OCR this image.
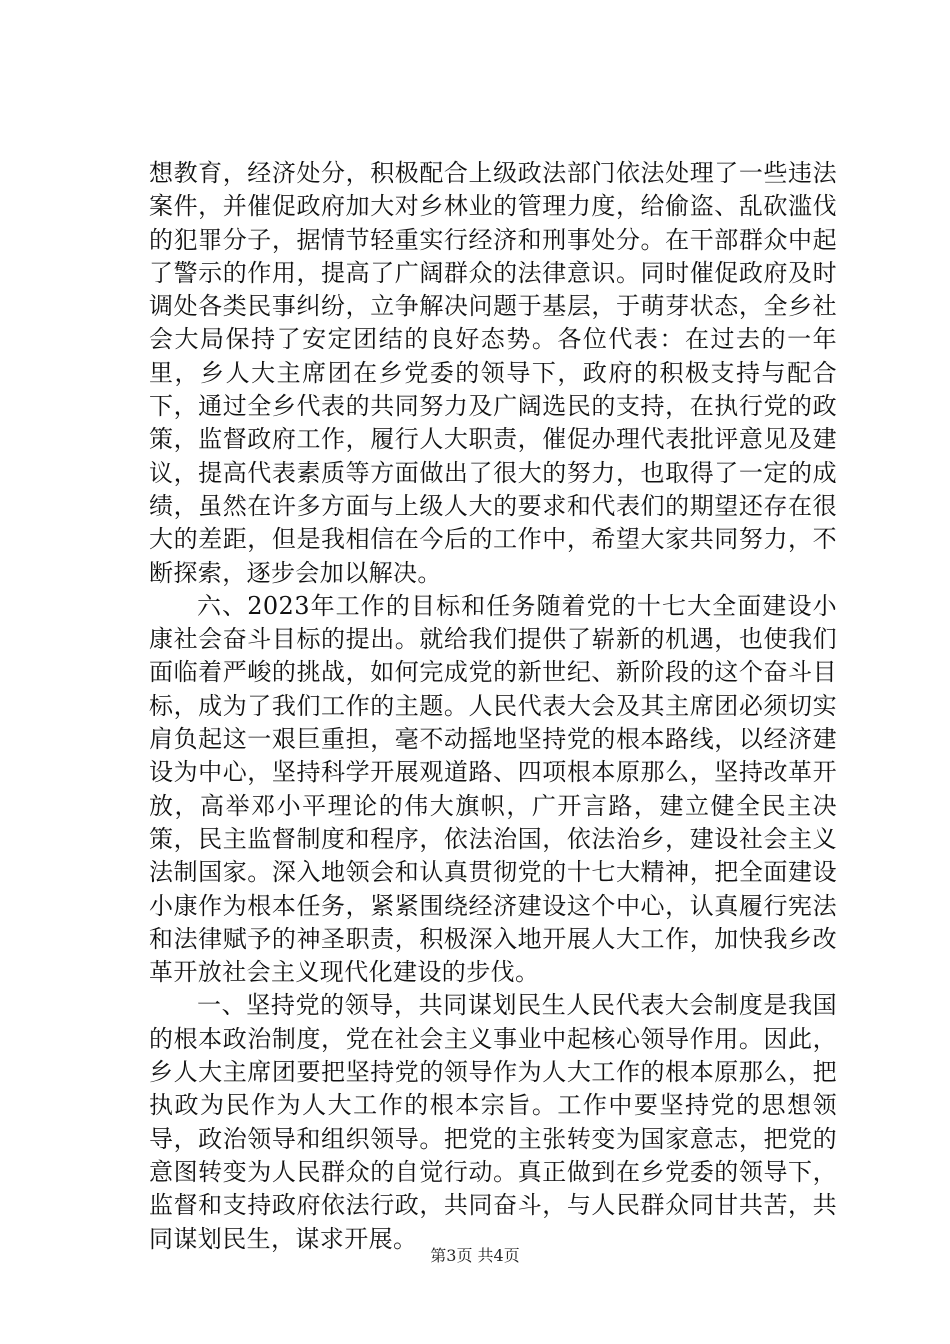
想教育，经济处分，积极配合上级政法部门依法处理了一些违法案件，并催促政府加大对乡林业的管理力度，给偷盗、乱砍滥伐的犯罪分子，据情节轻重实行经济和刑事处分。在干部群众中起了警示的作用，提高了广阔群众的法律意识。同时催促政府及时调处各类民事纠纷，立争解决问题于基层，于萌芽状态，全乡社会大局保持了安定团结的良好态势。各位代表：在过去的一年里，乡人大主席团在乡党委的领导下，政府的积极支持与配合下，通过全乡代表的共同努力及广阔选民的支持，在执行党的政策，监督政府工作，履行人大职责，催促办理代表批评意见及建议，提高代表素质等方面做出了很大的努力，也取得了一定的成绩，虽然在许多方面与上级人大的要求和代表们的期望还存在很大的差距，但是我相信在今后的工作中，希望大家共同努力，不断探索，逐步会加以解决。

六、2023年工作的目标和任务随着党的十七大全面建设小康社会奋斗目标的提出。就给我们提供了崭新的机遇，也使我们面临着严峻的挑战，如何完成党的新世纪、新阶段的这个奋斗目标，成为了我们工作的主题。人民代表大会及其主席团必须切实肩负起这一艰巨重担，毫不动摇地坚持党的根本路线，以经济建设为中心，坚持科学开展观道路、四项根本原那么，坚持改革开放，高举邓小平理论的伟大旗帜，广开言路，建立健全民主决策，民主监督制度和程序，依法治国，依法治乡，建设社会主义法制国家。深入地领会和认真贯彻党的十七大精神，把全面建设小康作为根本任务，紧紧围绕经济建设这个中心，认真履行宪法和法律赋予的神圣职责，积极深入地开展人大工作，加快我乡改革开放社会主义现代化建设的步伐。

一、坚持党的领导，共同谋划民生人民代表大会制度是我国的根本政治制度，党在社会主义事业中起核心领导作用。因此，乡人大主席团要把坚持党的领导作为人大工作的根本原那么，把执政为民作为人大工作的根本宗旨。工作中要坚持党的思想领导，政治领导和组织领导。把党的主张转变为国家意志，把党的意图转变为人民群众的自觉行动。真正做到在乡党委的领导下，监督和支持政府依法行政，共同奋斗，与人民群众同甘共苦，共同谋划民生，谋求开展。

第3页 共4页
